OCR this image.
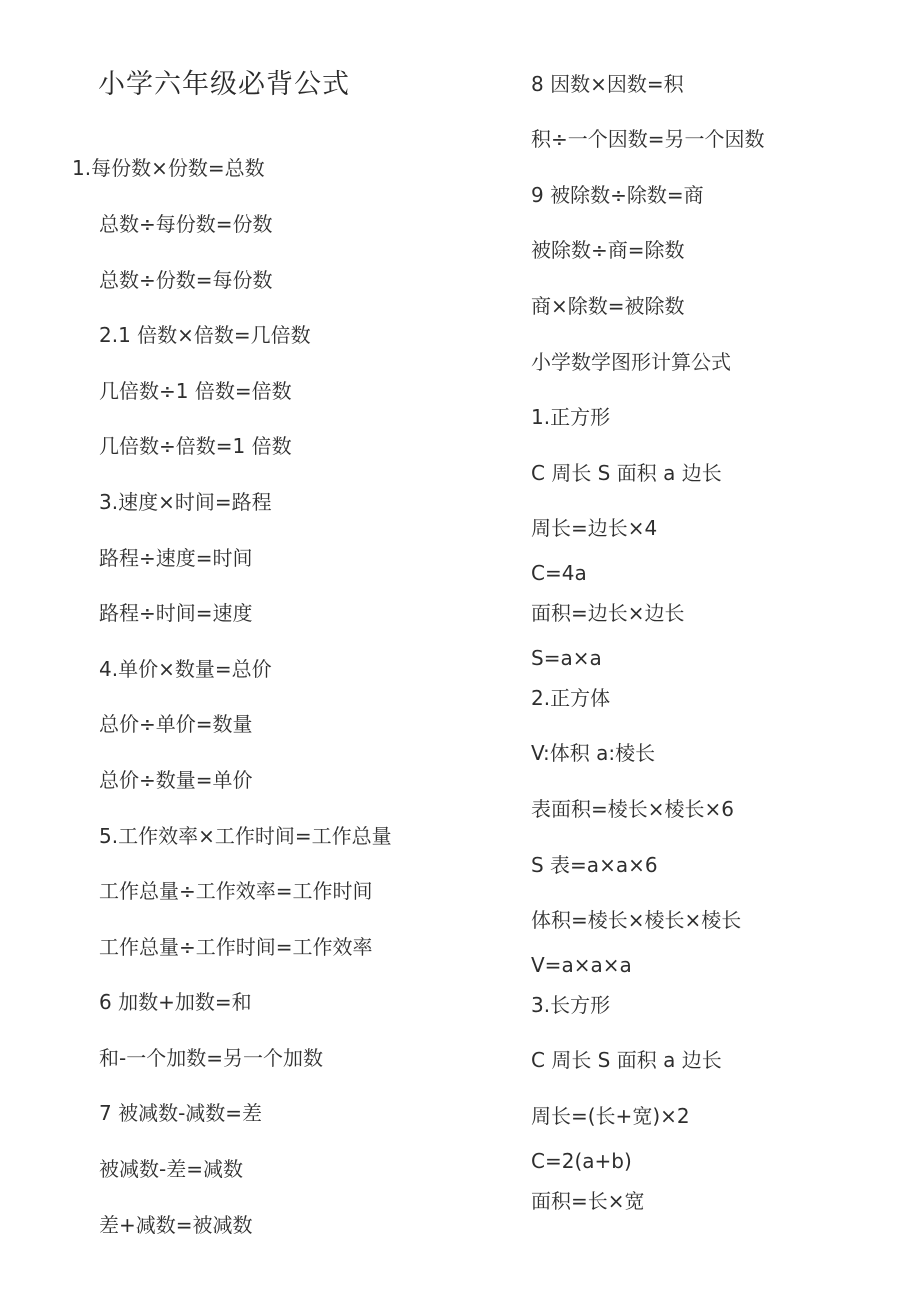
小学六年级必背公式
1.每份数×份数=总数
总数÷每份数=份数
总数÷份数=每份数
2.1 倍数×倍数=几倍数
几倍数÷1 倍数=倍数
几倍数÷倍数=1 倍数
3.速度×时间=路程
路程÷速度=时间
路程÷时间=速度
4.单价×数量=总价
总价÷单价=数量
总价÷数量=单价
5.工作效率×工作时间=工作总量
工作总量÷工作效率=工作时间
工作总量÷工作时间=工作效率
6 加数+加数=和
和-一个加数=另一个加数
7 被减数-减数=差
被减数-差=减数
差+减数=被减数
8 因数×因数=积
积÷一个因数=另一个因数
9 被除数÷除数=商
被除数÷商=除数
商×除数=被除数
小学数学图形计算公式
1.正方形
C 周长 S 面积 a 边长
周长=边长×4
C=4a
面积=边长×边长
S=a×a
2.正方体
V:体积 a:棱长
表面积=棱长×棱长×6
S 表=a×a×6
体积=棱长×棱长×棱长
V=a×a×a
3.长方形
C 周长 S 面积 a 边长
周长=(长+宽)×2
C=2(a+b)
面积=长×宽
